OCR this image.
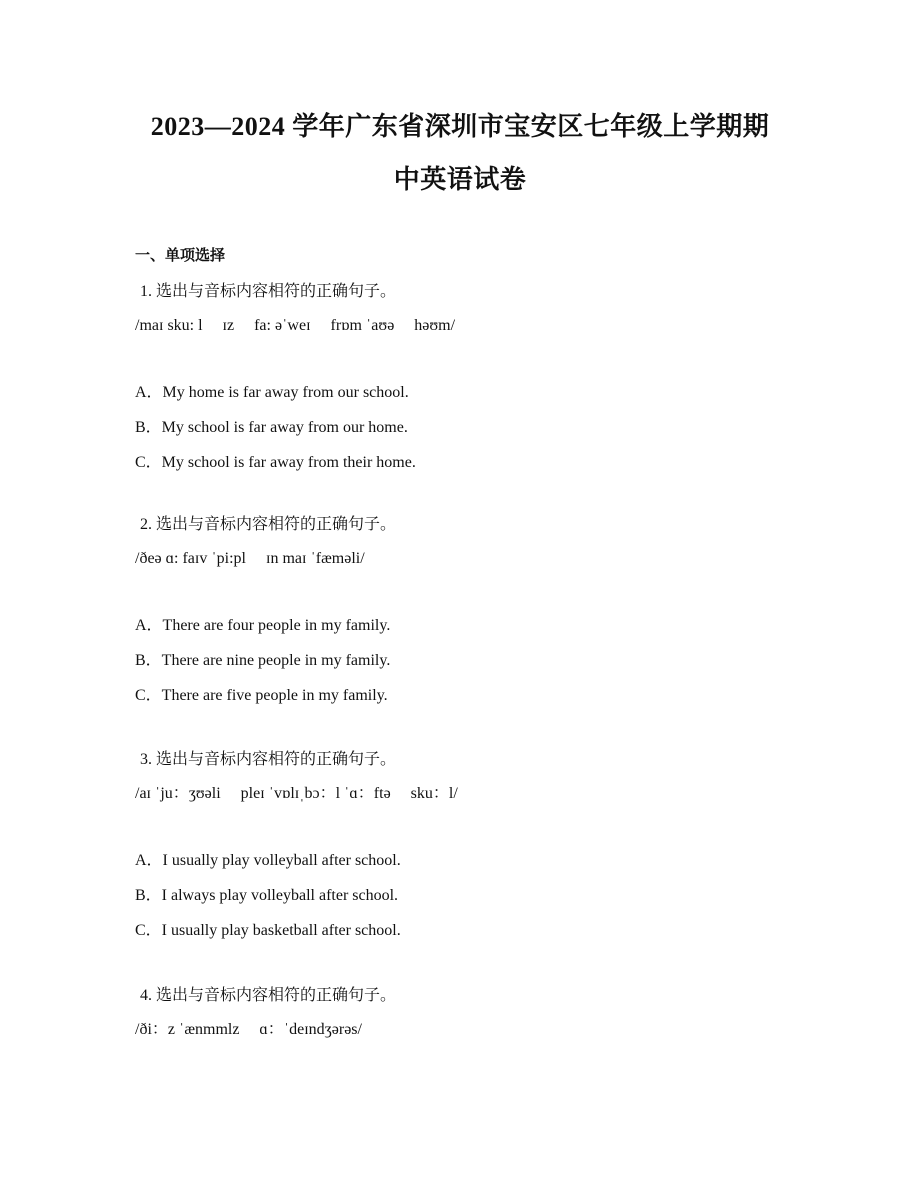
2023—2024 学年广东省深圳市宝安区七年级上学期期
中英语试卷
一、单项选择
1. 选出与音标内容相符的正确句子。
/maɪ sku: l     ɪz     fa: əˈweɪ     frɒm ˈaʊə     həʊm/
A．My home is far away from our school.
B．My school is far away from our home.
C．My school is far away from their home.
2. 选出与音标内容相符的正确句子。
/ðeə ɑ: faɪv ˈpi:pl     ɪn maɪ ˈfæməli/
A．There are four people in my family.
B．There are nine people in my family.
C．There are five people in my family.
3. 选出与音标内容相符的正确句子。
/aɪ ˈju：ʒʊəli     pleɪ ˈvɒlɪˌbɔ：l ˈɑ：ftə     sku：l/
A．I usually play volleyball after school.
B．I always play volleyball after school.
C．I usually play basketball after school.
4. 选出与音标内容相符的正确句子。
/ði：z ˈænmmlz     ɑ：ˈdeɪndʒərəs/
